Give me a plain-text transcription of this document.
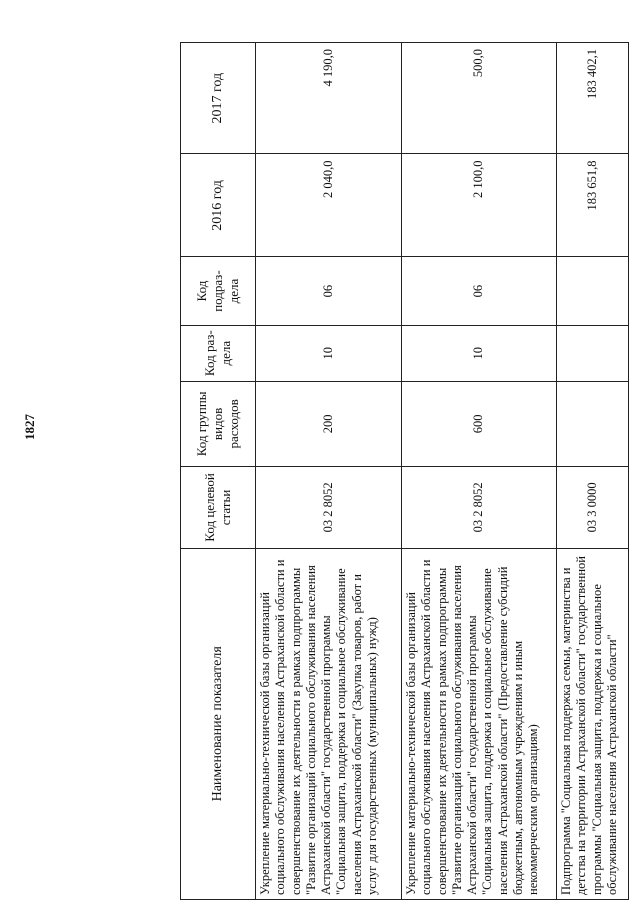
1827
Наименование показателя	Код целевой статьи	Код группы видов расходов	Код раз- дела	Код подраз- дела	2016 год	2017 год
Укрепление материально-технической базы организаций социального обслуживания населения Астраханской области и совершенствование их деятельности в рамках подпрограммы "Развитие организаций социального обслуживания населения Астраханской области" государственной программы "Социальная защита, поддержка и социальное обслуживание населения Астраханской области" (Закупка товаров, работ и услуг для государственных (муниципальных) нужд)	03 2 8052	200	10	06	2 040,0	4 190,0
Укрепление материально-технической базы организаций социального обслуживания населения Астраханской области и совершенствование их деятельности в рамках подпрограммы "Развитие организаций социального обслуживания населения Астраханской области" государственной программы "Социальная защита, поддержка и социальное обслуживание населения Астраханской области" (Предоставление субсидий бюджетным, автономным учреждениям и иным некоммерческим организациям)	03 2 8052	600	10	06	2 100,0	500,0
Подпрограмма "Социальная поддержка семьи, материнства и детства на территории Астраханской области" государственной программы "Социальная защита, поддержка и социальное обслуживание населения Астраханской области"	03 3 0000				183 651,8	183 402,1
